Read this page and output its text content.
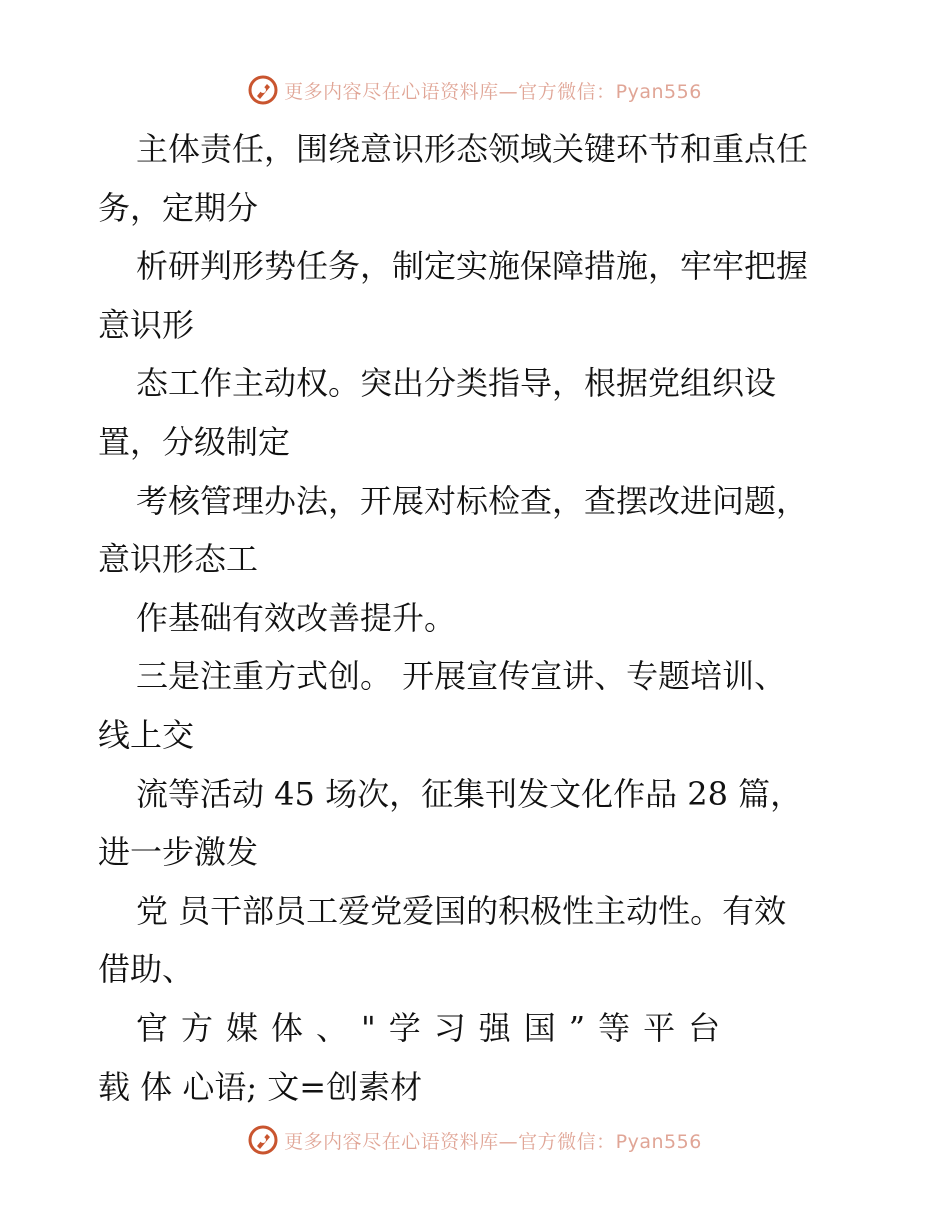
更多内容尽在心语资料库—官方微信：Pyan556
主体责任，围绕意识形态领域关键环节和重点任
务，定期分
析研判形势任务，制定实施保障措施，牢牢把握
意识形
态工作主动权。突出分类指导，根据党组织设
置，分级制定
考核管理办法，开展对标检查，查摆改进问题，
意识形态工
作基础有效改善提升。
三是注重方式创。 开展宣传宣讲、专题培训、
线上交
流等活动 45 场次，征集刊发文化作品 28 篇，
进一步激发
党 员干部员工爱党爱国的积极性主动性。有效
借助、
官方媒体、"学习强国”等平台
载 体 心语; 文=创素材
更多内容尽在心语资料库—官方微信：Pyan556
